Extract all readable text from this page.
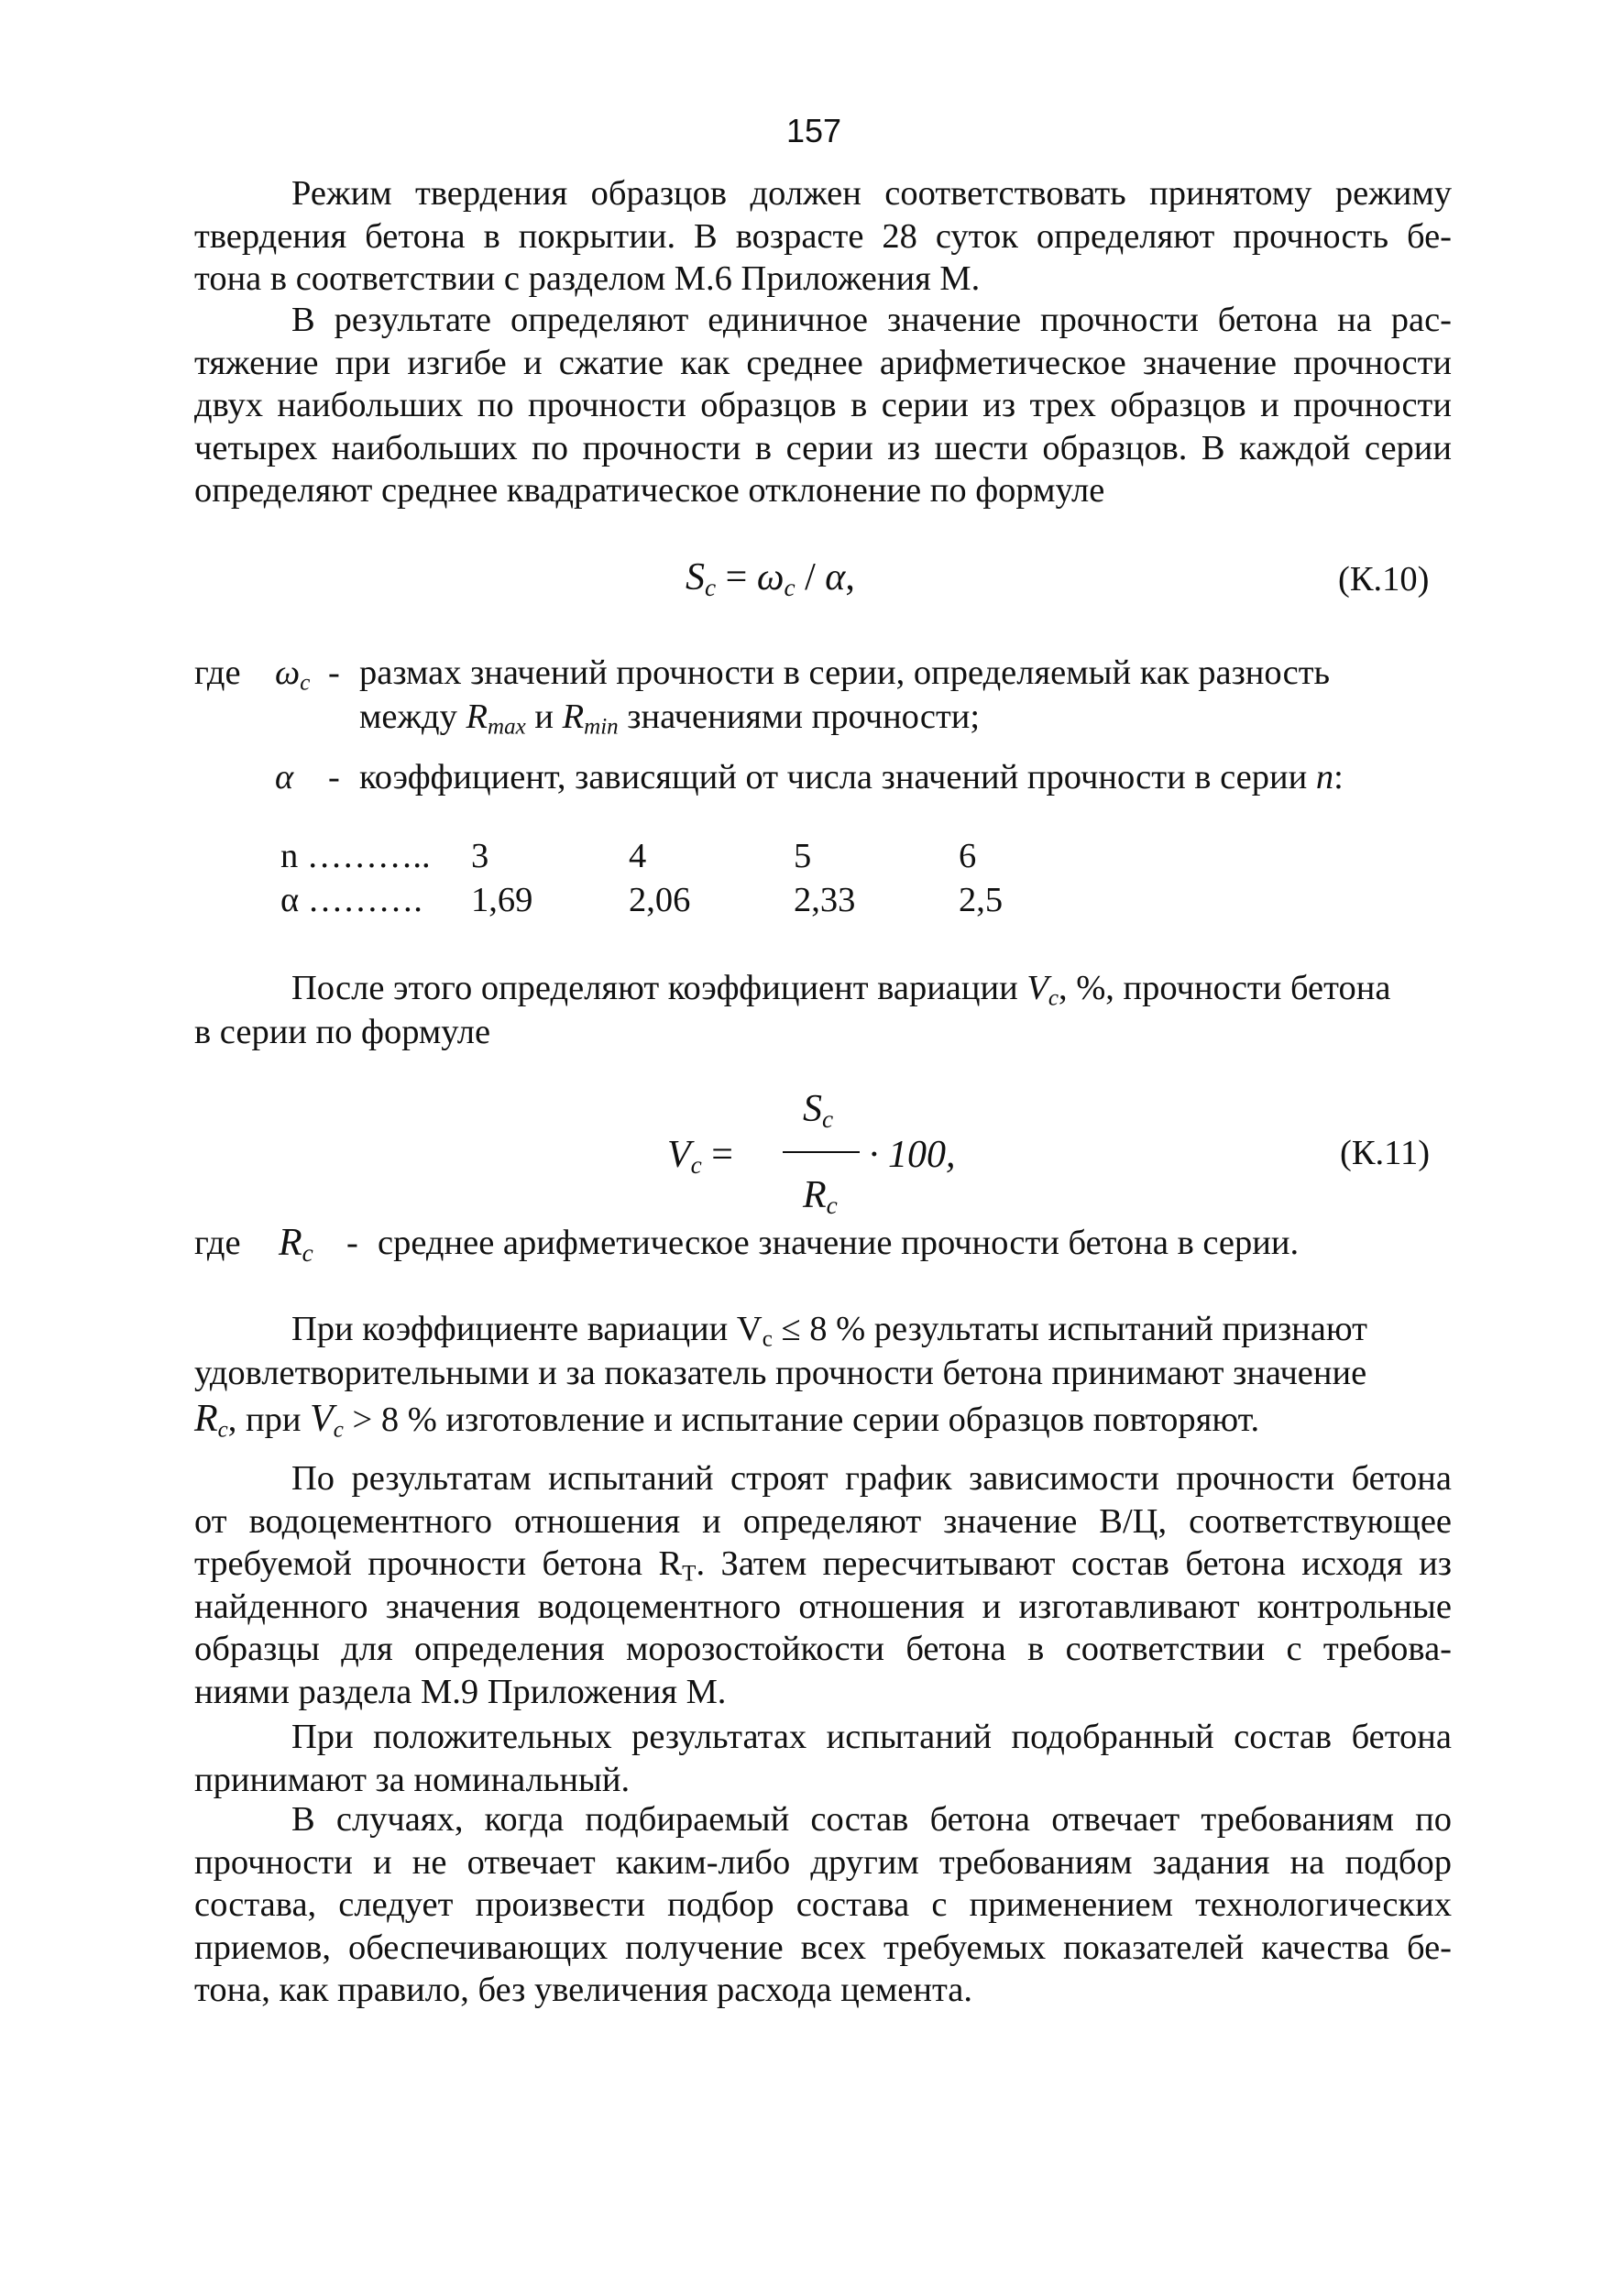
157
Режим твердения образцов должен соответствовать принятому режиму
твердения бетона в покрытии. В возрасте 28 суток определяют прочность бе-
тона в соответствии с разделом М.6 Приложения М.
В результате определяют единичное значение прочности бетона на рас-
тяжение при изгибе и сжатие как среднее арифметическое значение прочности
двух наибольших по прочности образцов в серии из трех образцов и прочности
четырех наибольших по прочности в серии из шести образцов. В каждой серии
определяют среднее квадратическое отклонение по формуле
$S_c = \omega_c / \alpha$,	(К.10)
где $\omega_c$ - размах значений прочности в серии, определяемый как разность
между $R_{max}$ и $R_{min}$ значениями прочности;
α - коэффициент, зависящий от числа значений прочности в серии n:
n ……….. 3	4	5	6
α ………. 1,69	2,06	2,33	2,5
После этого определяют коэффициент вариации $V_c$, %, прочности бетона
в серии по формуле
$V_c$ =
$S_c$
$R_c$
· 100,	(К.11)
где $R_c$ - среднее арифметическое значение прочности бетона в серии.
При коэффициенте вариации $V_c \le 8$ % результаты испытаний признают
удовлетворительными и за показатель прочности бетона принимают значение
$R_c$, при $V_c > 8$ % изготовление и испытание серии образцов повторяют.
По результатам испытаний строят график зависимости прочности бетона
от водоцементного отношения и определяют значение В/Ц, соответствующее
требуемой прочности бетона $R_T$. Затем пересчитывают состав бетона исходя из
найденного значения водоцементного отношения и изготавливают контрольные
образцы для определения морозостойкости бетона в соответствии с требова-
ниями раздела М.9 Приложения М.
При положительных результатах испытаний подобранный состав бетона
принимают за номинальный.
В случаях, когда подбираемый состав бетона отвечает требованиям по
прочности и не отвечает каким-либо другим требованиям задания на подбор
состава, следует произвести подбор состава с применением технологических
приемов, обеспечивающих получение всех требуемых показателей качества бе-
тона, как правило, без увеличения расхода цемента.
